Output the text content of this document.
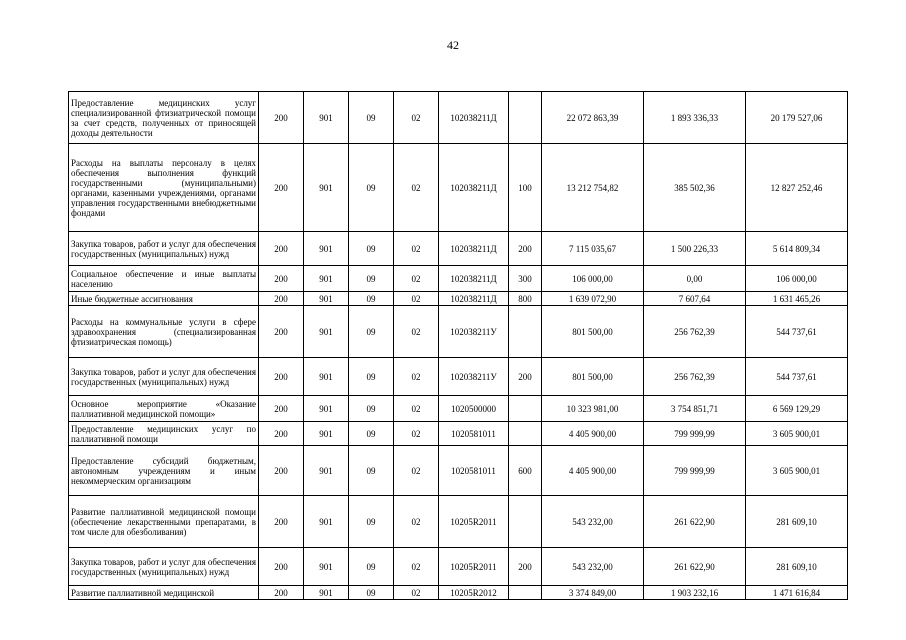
42
Предоставление медицинских услуг специализированной фтизиатрической помощи за счет средств, полученных от приносящей доходы деятельности	200	901	09	02	102038211Д		22 072 863,39	1 893 336,33	20 179 527,06
Расходы на выплаты персоналу в целях обеспечения выполнения функций государственными (муниципальными) органами, казенными учреждениями, органами управления государственными внебюджетными фондами	200	901	09	02	102038211Д	100	13 212 754,82	385 502,36	12 827 252,46
Закупка товаров, работ и услуг для обеспечения государственных (муниципальных) нужд	200	901	09	02	102038211Д	200	7 115 035,67	1 500 226,33	5 614 809,34
Социальное обеспечение и иные выплаты населению	200	901	09	02	102038211Д	300	106 000,00	0,00	106 000,00
Иные бюджетные ассигнования	200	901	09	02	102038211Д	800	1 639 072,90	7 607,64	1 631 465,26
Расходы на коммунальные услуги в сфере здравоохранения (специализированная фтизиатрическая помощь)	200	901	09	02	102038211У		801 500,00	256 762,39	544 737,61
Закупка товаров, работ и услуг для обеспечения государственных (муниципальных) нужд	200	901	09	02	102038211У	200	801 500,00	256 762,39	544 737,61
Основное мероприятие «Оказание паллиативной медицинской помощи»	200	901	09	02	1020500000		10 323 981,00	3 754 851,71	6 569 129,29
Предоставление медицинских услуг по паллиативной помощи	200	901	09	02	1020581011		4 405 900,00	799 999,99	3 605 900,01
Предоставление субсидий бюджетным, автономным учреждениям и иным некоммерческим организациям	200	901	09	02	1020581011	600	4 405 900,00	799 999,99	3 605 900,01
Развитие паллиативной медицинской помощи (обеспечение лекарственными препаратами, в том числе для обезболивания)	200	901	09	02	10205R2011		543 232,00	261 622,90	281 609,10
Закупка товаров, работ и услуг для обеспечения государственных (муниципальных) нужд	200	901	09	02	10205R2011	200	543 232,00	261 622,90	281 609,10
Развитие паллиативной медицинской	200	901	09	02	10205R2012		3 374 849,00	1 903 232,16	1 471 616,84
